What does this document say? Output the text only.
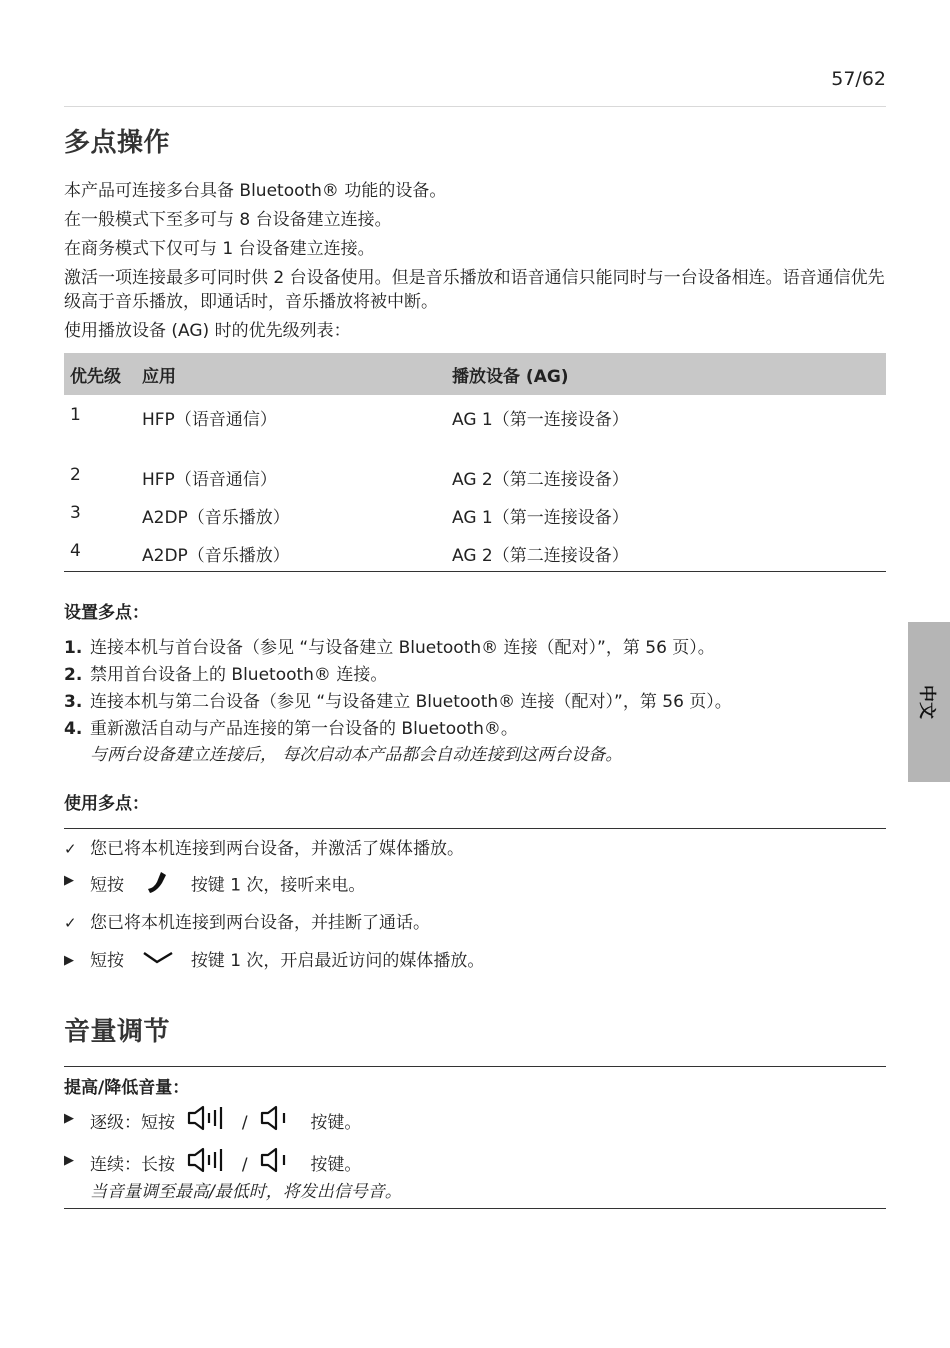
57/62
中文
多点操作

本产品可连接多台具备 Bluetooth® 功能的设备。

在一般模式下至多可与 8 台设备建立连接。

在商务模式下仅可与 1 台设备建立连接。

激活一项连接最多可同时供 2 台设备使用。但是音乐播放和语音通信只能同时与一台设备相连。语音通信优先级高于音乐播放，即通话时，音乐播放将被中断。

使用播放设备 (AG) 时的优先级列表：

优先级	应用	播放设备 (AG)
1	HFP（语音通信）	AG 1（第一连接设备）
2	HFP（语音通信）	AG 2（第二连接设备）
3	A2DP（音乐播放）	AG 1（第一连接设备）
4	A2DP（音乐播放）	AG 2（第二连接设备）
设置多点：
1. 连接本机与首台设备（参见 “与设备建立 Bluetooth® 连接（配对）”，第 56 页）。
2. 禁用首台设备上的 Bluetooth® 连接。
3. 连接本机与第二台设备（参见 “与设备建立 Bluetooth® 连接（配对）”，第 56 页）。
4. 重新激活自动与产品连接的第一台设备的 Bluetooth®。
与两台设备建立连接后， 每次启动本产品都会自动连接到这两台设备。
使用多点：
✓ 您已将本机连接到两台设备，并激活了媒体播放。
▶ 短按	按键 1 次，接听来电。
✓ 您已将本机连接到两台设备，并挂断了通话。
▶ 短按	按键 1 次，开启最近访问的媒体播放。
音量调节
提高/降低音量：
▶ 逐级：短按	/	按键。
▶ 连续：长按	/	按键。
当音量调至最高/最低时，将发出信号音。
